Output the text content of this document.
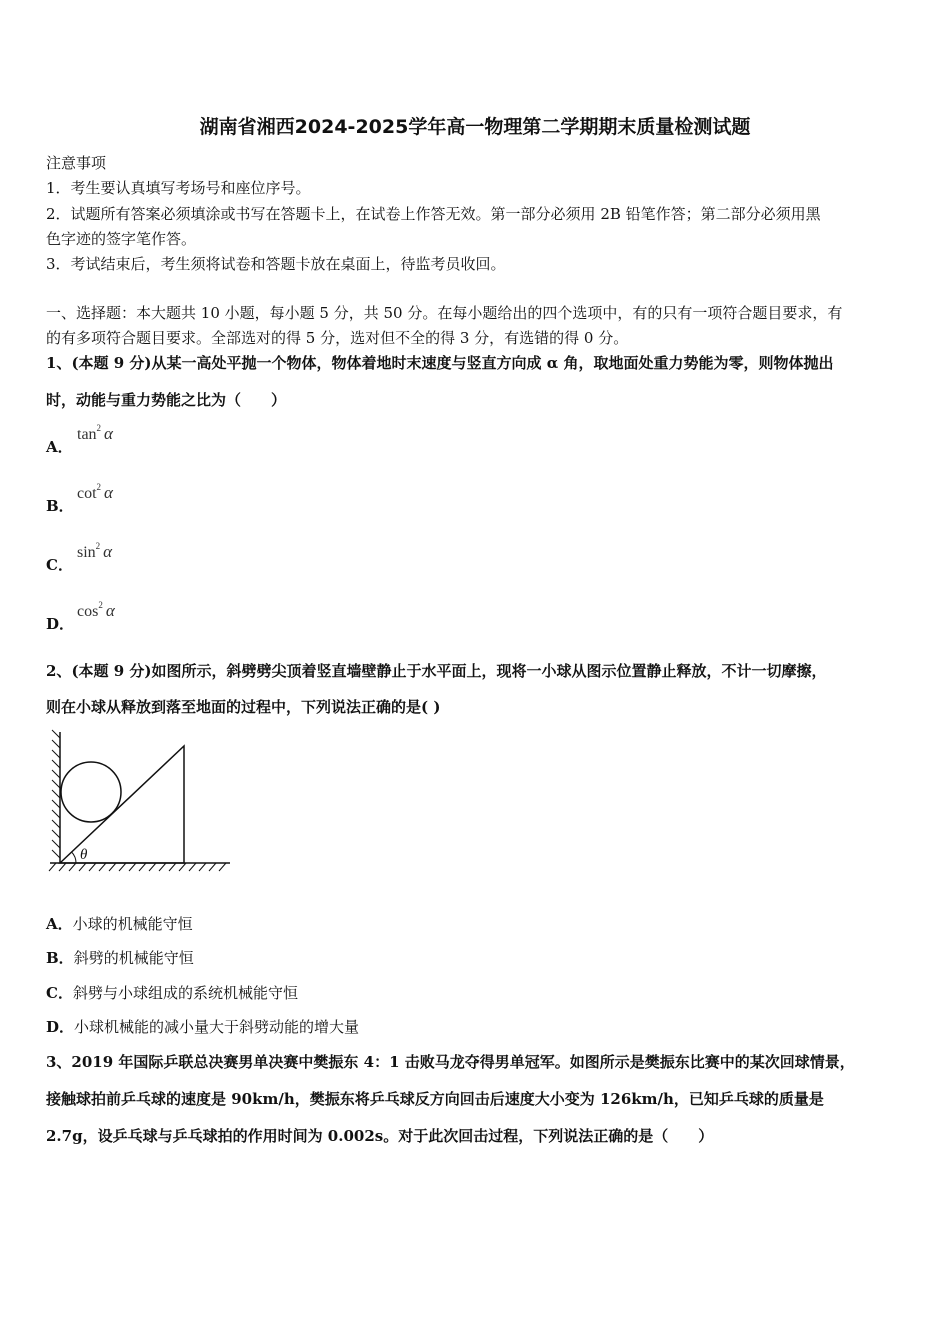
湖南省湘西2024-2025学年高一物理第二学期期末质量检测试题
注意事项
1．考生要认真填写考场号和座位序号。
2．试题所有答案必须填涂或书写在答题卡上，在试卷上作答无效。第一部分必须用 2B 铅笔作答；第二部分必须用黑
色字迹的签字笔作答。
3．考试结束后，考生须将试卷和答题卡放在桌面上，待监考员收回。
一、选择题：本大题共 10 小题，每小题 5 分，共 50 分。在每小题给出的四个选项中，有的只有一项符合题目要求，有
的有多项符合题目要求。全部选对的得 5 分，选对但不全的得 3 分，有选错的得 0 分。
1、(本题 9 分)从某一高处平抛一个物体，物体着地时末速度与竖直方向成 α 角，取地面处重力势能为零，则物体抛出
时，动能与重力势能之比为（　　）
A．
$\tan^2 \alpha$
B．
$\cot^2 \alpha$
C．
$\sin^2 \alpha$
D．
$\cos^2 \alpha$
2、(本题 9 分)如图所示，斜劈劈尖顶着竖直墙壁静止于水平面上，现将一小球从图示位置静止释放，不计一切摩擦，
则在小球从释放到落至地面的过程中，下列说法正确的是( )
θ
A．小球的机械能守恒
B．斜劈的机械能守恒
C．斜劈与小球组成的系统机械能守恒
D．小球机械能的减小量大于斜劈动能的增大量
3、2019 年国际乒联总决赛男单决赛中樊振东 4：1 击败马龙夺得男单冠军。如图所示是樊振东比赛中的某次回球情景，
接触球拍前乒乓球的速度是 90km/h，樊振东将乒乓球反方向回击后速度大小变为 126km/h，已知乒乓球的质量是
2.7g，设乒乓球与乒乓球拍的作用时间为 0.002s。对于此次回击过程，下列说法正确的是（　　）
